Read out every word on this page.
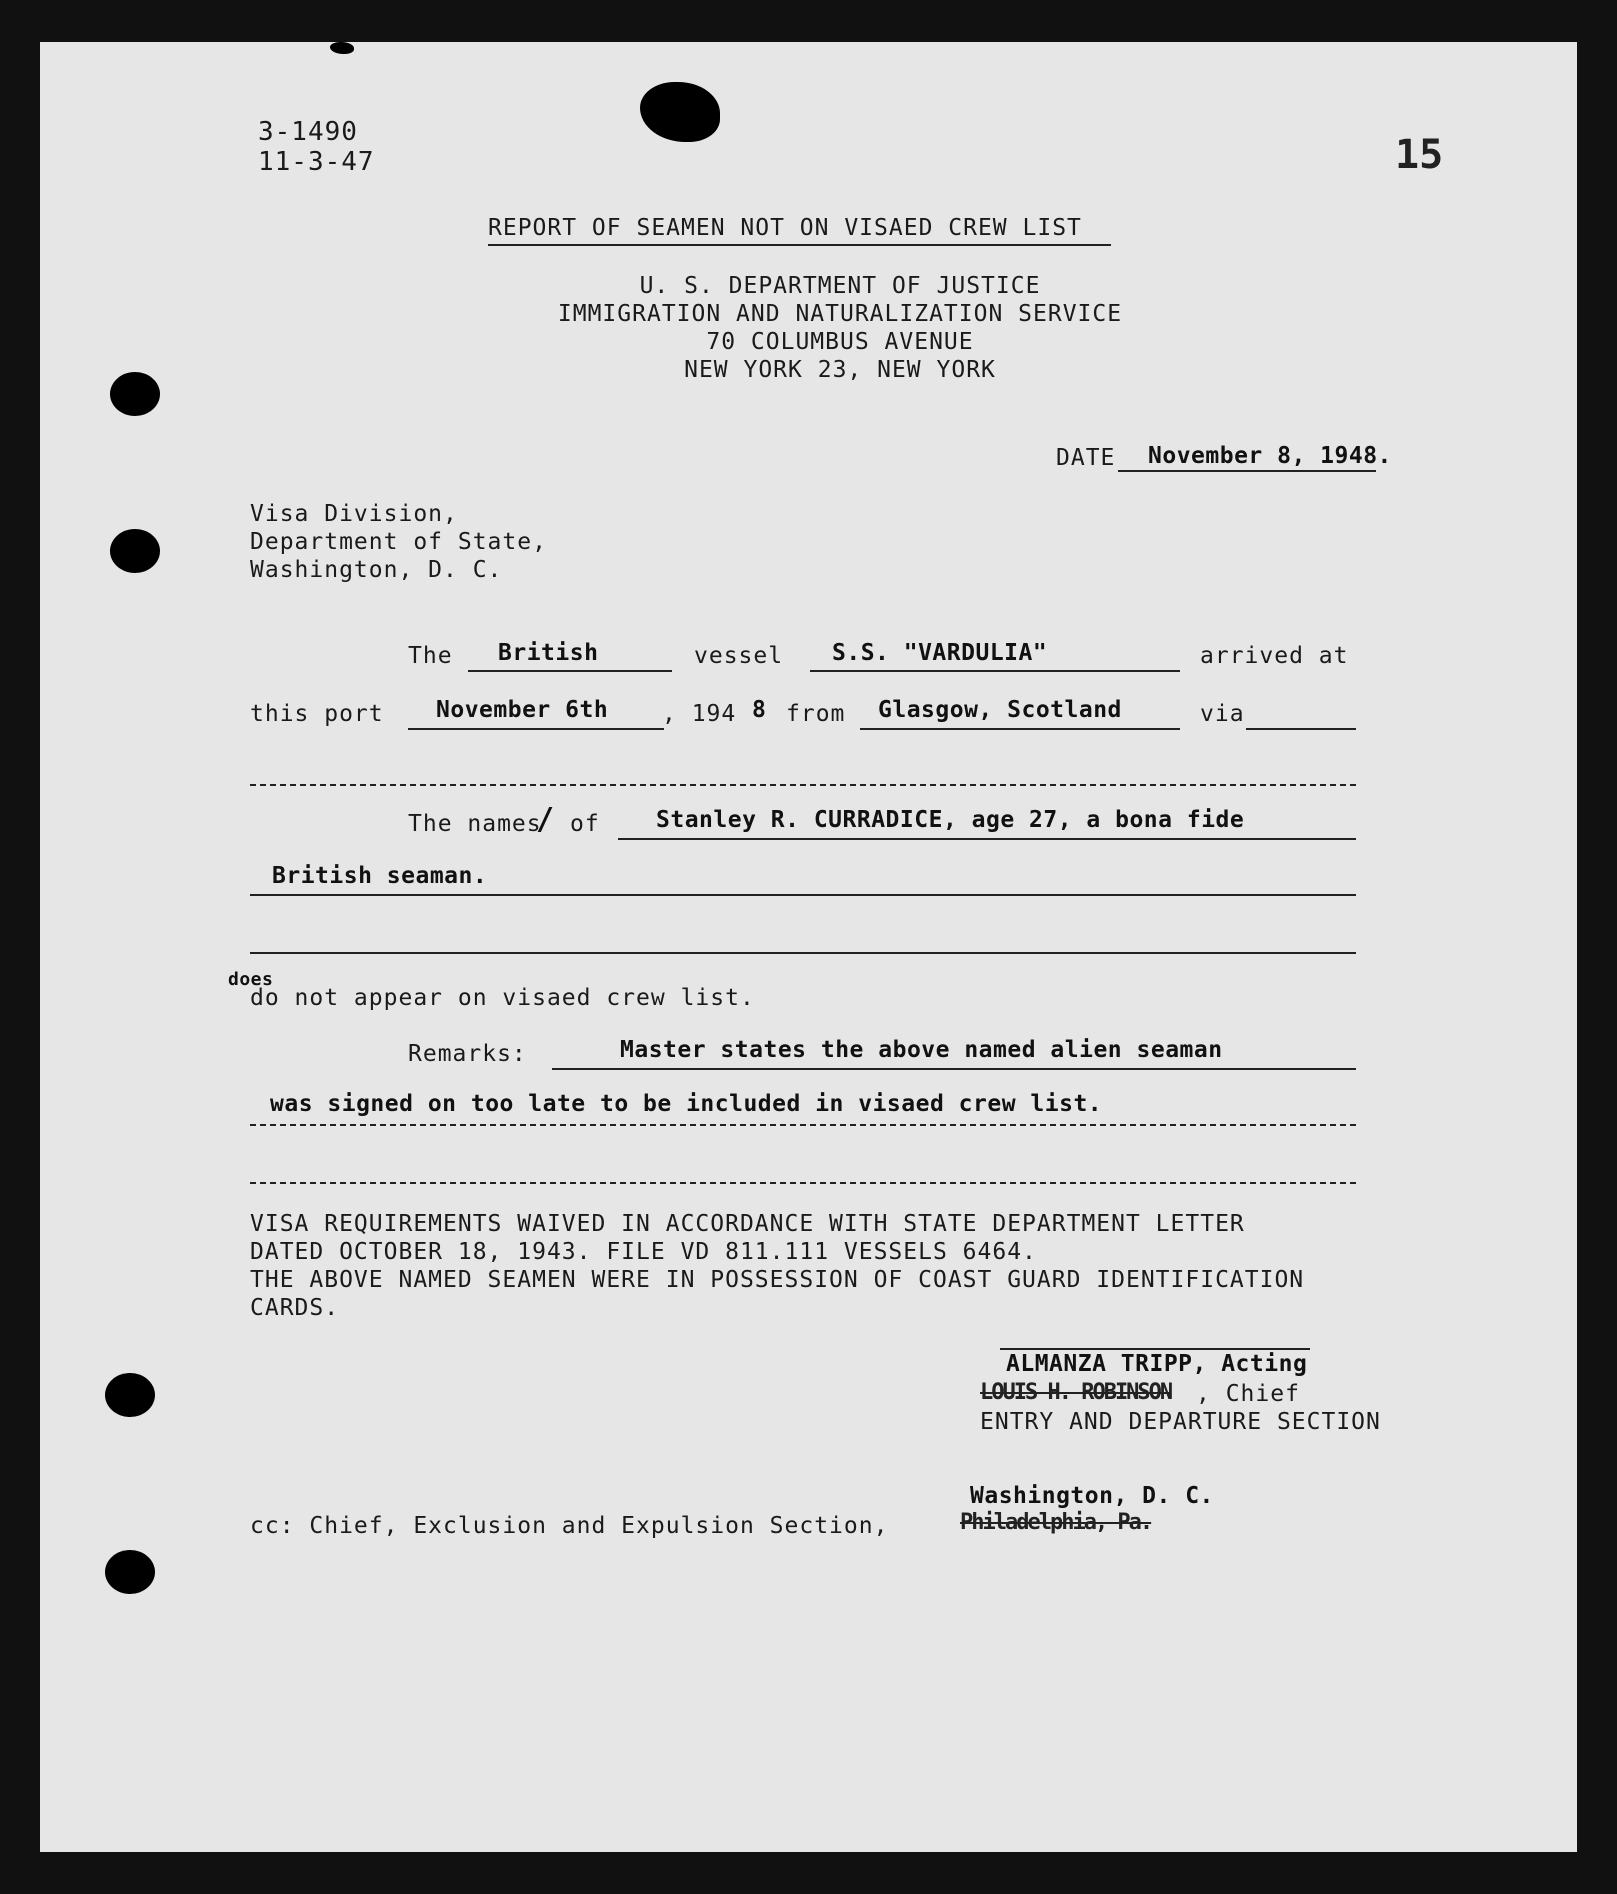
3-1490
11-3-47	15
REPORT OF SEAMEN NOT ON VISAED CREW LIST
U. S. DEPARTMENT OF JUSTICE
IMMIGRATION AND NATURALIZATION SERVICE
70 COLUMBUS AVENUE
NEW YORK 23, NEW YORK
DATE November 8, 1948.
Visa Division,
Department of State,
Washington, D. C.
The British	vessel S.S. "VARDULIA"	arrived at
this port November 6th , 194 8 from Glasgow, Scotland	via
The names
/ of Stanley R. CURRADICE, age 27, a bona fide
British seaman.
does
do not appear on visaed crew list.
Remarks:	Master states the above named alien seaman
was signed on too late to be included in visaed crew list.
VISA REQUIREMENTS WAIVED IN ACCORDANCE WITH STATE DEPARTMENT LETTER
DATED OCTOBER 18, 1943. FILE VD 811.111 VESSELS 6464.
THE ABOVE NAMED SEAMEN WERE IN POSSESSION OF COAST GUARD IDENTIFICATION
CARDS.
ALMANZA TRIPP, Acting
LOUIS H. ROBINSON , Chief
ENTRY AND DEPARTURE SECTION
Washington, D. C.
cc: Chief, Exclusion and Expulsion Section,	Philadelphia, Pa.
